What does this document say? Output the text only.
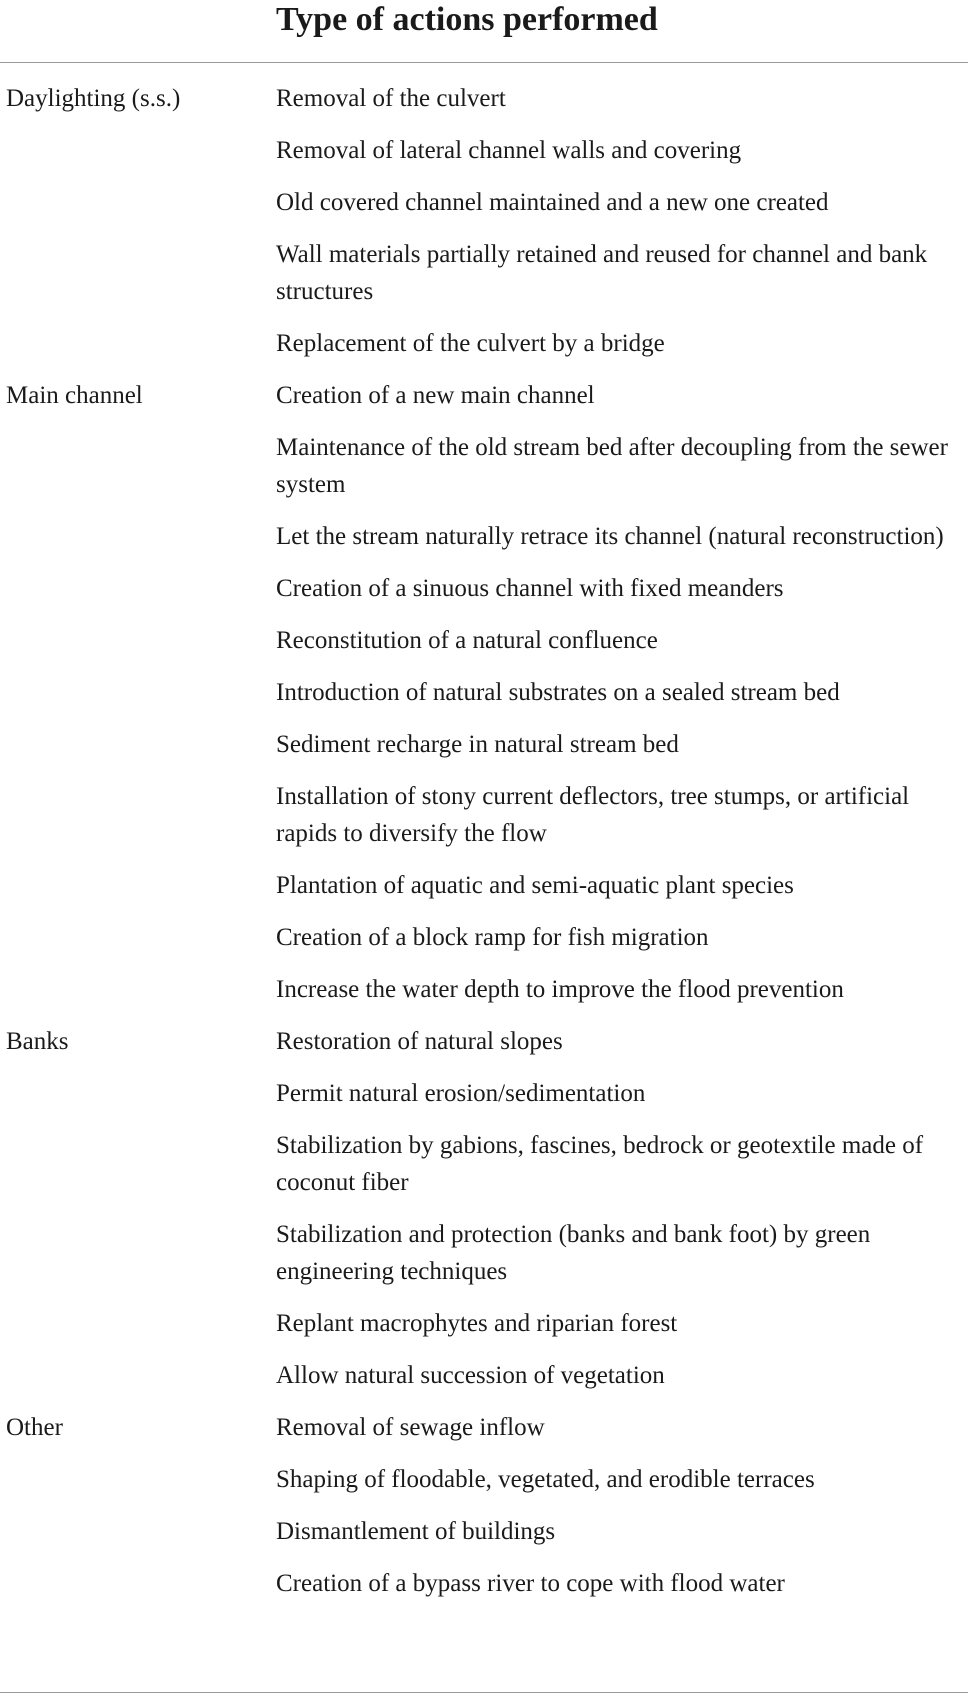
Type of actions performed
Daylighting (s.s.)	Removal of the culvert
Removal of lateral channel walls and covering
Old covered channel maintained and a new one created
Wall materials partially retained and reused for channel and bank structures
Replacement of the culvert by a bridge
Main channel	Creation of a new main channel
Maintenance of the old stream bed after decoupling from the sewer system
Let the stream naturally retrace its channel (natural reconstruction)
Creation of a sinuous channel with fixed meanders
Reconstitution of a natural confluence
Introduction of natural substrates on a sealed stream bed
Sediment recharge in natural stream bed
Installation of stony current deflectors, tree stumps, or artificial rapids to diversify the flow
Plantation of aquatic and semi-aquatic plant species
Creation of a block ramp for fish migration
Increase the water depth to improve the flood prevention
Banks	Restoration of natural slopes
Permit natural erosion/sedimentation
Stabilization by gabions, fascines, bedrock or geotextile made of coconut fiber
Stabilization and protection (banks and bank foot) by green engineering techniques
Replant macrophytes and riparian forest
Allow natural succession of vegetation
Other	Removal of sewage inflow
Shaping of floodable, vegetated, and erodible terraces
Dismantlement of buildings
Creation of a bypass river to cope with flood water
